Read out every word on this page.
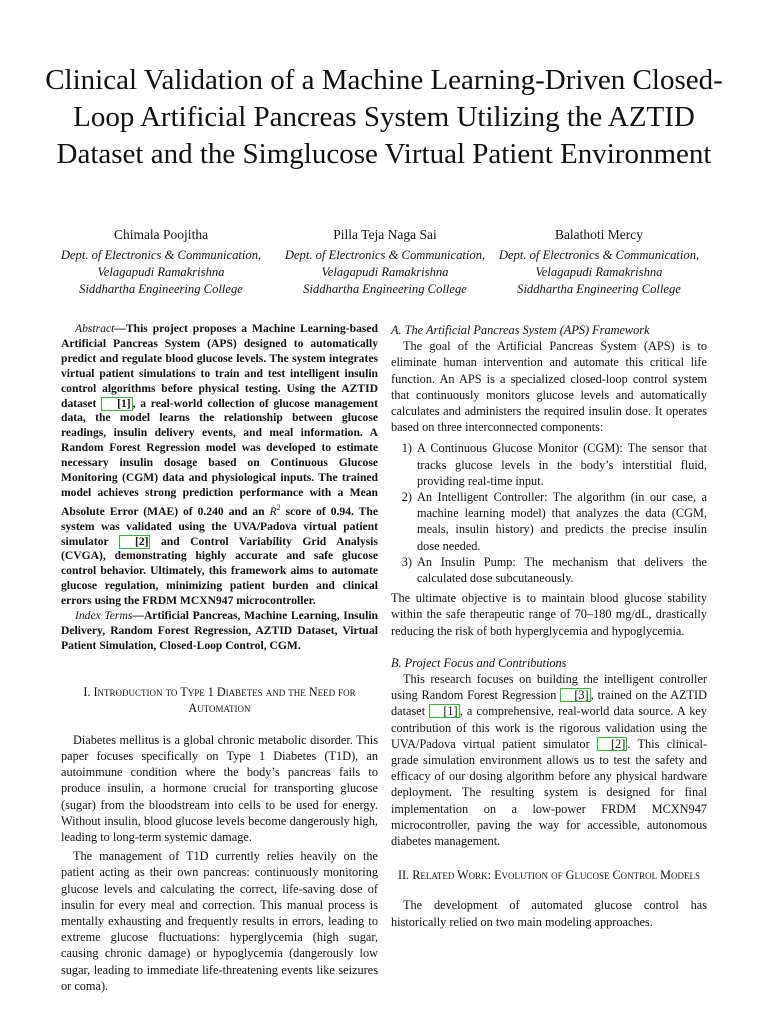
Clinical Validation of a Machine Learning-Driven Closed-Loop Artificial Pancreas System Utilizing the AZTID Dataset and the Simglucose Virtual Patient Environment
Chimala Poojitha
Dept. of Electronics & Communication,
Velagapudi Ramakrishna
Siddhartha Engineering College
Pilla Teja Naga Sai
Dept. of Electronics & Communication,
Velagapudi Ramakrishna
Siddhartha Engineering College
Balathoti Mercy
Dept. of Electronics & Communication,
Velagapudi Ramakrishna
Siddhartha Engineering College

Abstract—This project proposes a Machine Learning-based Artificial Pancreas System (APS) designed to automatically predict and regulate blood glucose levels. The system integrates virtual patient simulations to train and test intelligent insulin control algorithms before physical testing. Using the AZTID dataset [1] , a real-world collection of glucose management data, the model learns the relationship between glucose readings, insulin delivery events, and meal information. A Random Forest Regression model was developed to estimate necessary insulin dosage based on Continuous Glucose Monitoring (CGM) data and physiological inputs. The trained model achieves strong prediction performance with a Mean Absolute Error (MAE) of 0.240 and an $R^2$ score of 0.94. The system was validated using the UVA/Padova virtual patient simulator [2] and Control Variability Grid Analysis (CVGA), demonstrating highly accurate and safe glucose control behavior. Ultimately, this framework aims to automate glucose regulation, minimizing patient burden and clinical errors using the FRDM MCXN947 microcontroller.

Index Terms—Artificial Pancreas, Machine Learning, Insulin Delivery, Random Forest Regression, AZTID Dataset, Virtual Patient Simulation, Closed-Loop Control, CGM.

I. Introduction to Type 1 Diabetes and the Need for Automation

Diabetes mellitus is a global chronic metabolic disorder. This paper focuses specifically on Type 1 Diabetes (T1D), an autoimmune condition where the body’s pancreas fails to produce insulin, a hormone crucial for transporting glucose (sugar) from the bloodstream into cells to be used for energy. Without insulin, blood glucose levels become dangerously high, leading to long-term systemic damage.

The management of T1D currently relies heavily on the patient acting as their own pancreas: continuously monitoring glucose levels and calculating the correct, life-saving dose of insulin for every meal and correction. This manual process is mentally exhausting and frequently results in errors, leading to extreme glucose fluctuations: hyperglycemia (high sugar, causing chronic damage) or hypoglycemia (dangerously low sugar, leading to immediate life-threatening events like seizures or coma).

A. The Artificial Pancreas System (APS) Framework

The goal of the Artificial Pancreas System (APS) is to eliminate human intervention and automate this critical life function. An APS is a specialized closed-loop control system that continuously monitors glucose levels and automatically calculates and administers the required insulin dose. It operates based on three interconnected components:

1) A Continuous Glucose Monitor (CGM): The sensor that tracks glucose levels in the body’s interstitial fluid, providing real-time input.
2) An Intelligent Controller: The algorithm (in our case, a machine learning model) that analyzes the data (CGM, meals, insulin history) and predicts the precise insulin dose needed.
3) An Insulin Pump: The mechanism that delivers the calculated dose subcutaneously.

The ultimate objective is to maintain blood glucose stability within the safe therapeutic range of 70–180 mg/dL, drastically reducing the risk of both hyperglycemia and hypoglycemia.

B. Project Focus and Contributions

This research focuses on building the intelligent controller using Random Forest Regression [3] , trained on the AZTID dataset [1] , a comprehensive, real-world data source. A key contribution of this work is the rigorous validation using the UVA/Padova virtual patient simulator [2] . This clinical-grade simulation environment allows us to test the safety and efficacy of our dosing algorithm before any physical hardware deployment. The resulting system is designed for final implementation on a low-power FRDM MCXN947 microcontroller, paving the way for accessible, autonomous diabetes management.

II. Related Work: Evolution of Glucose Control Models

The development of automated glucose control has historically relied on two main modeling approaches.
